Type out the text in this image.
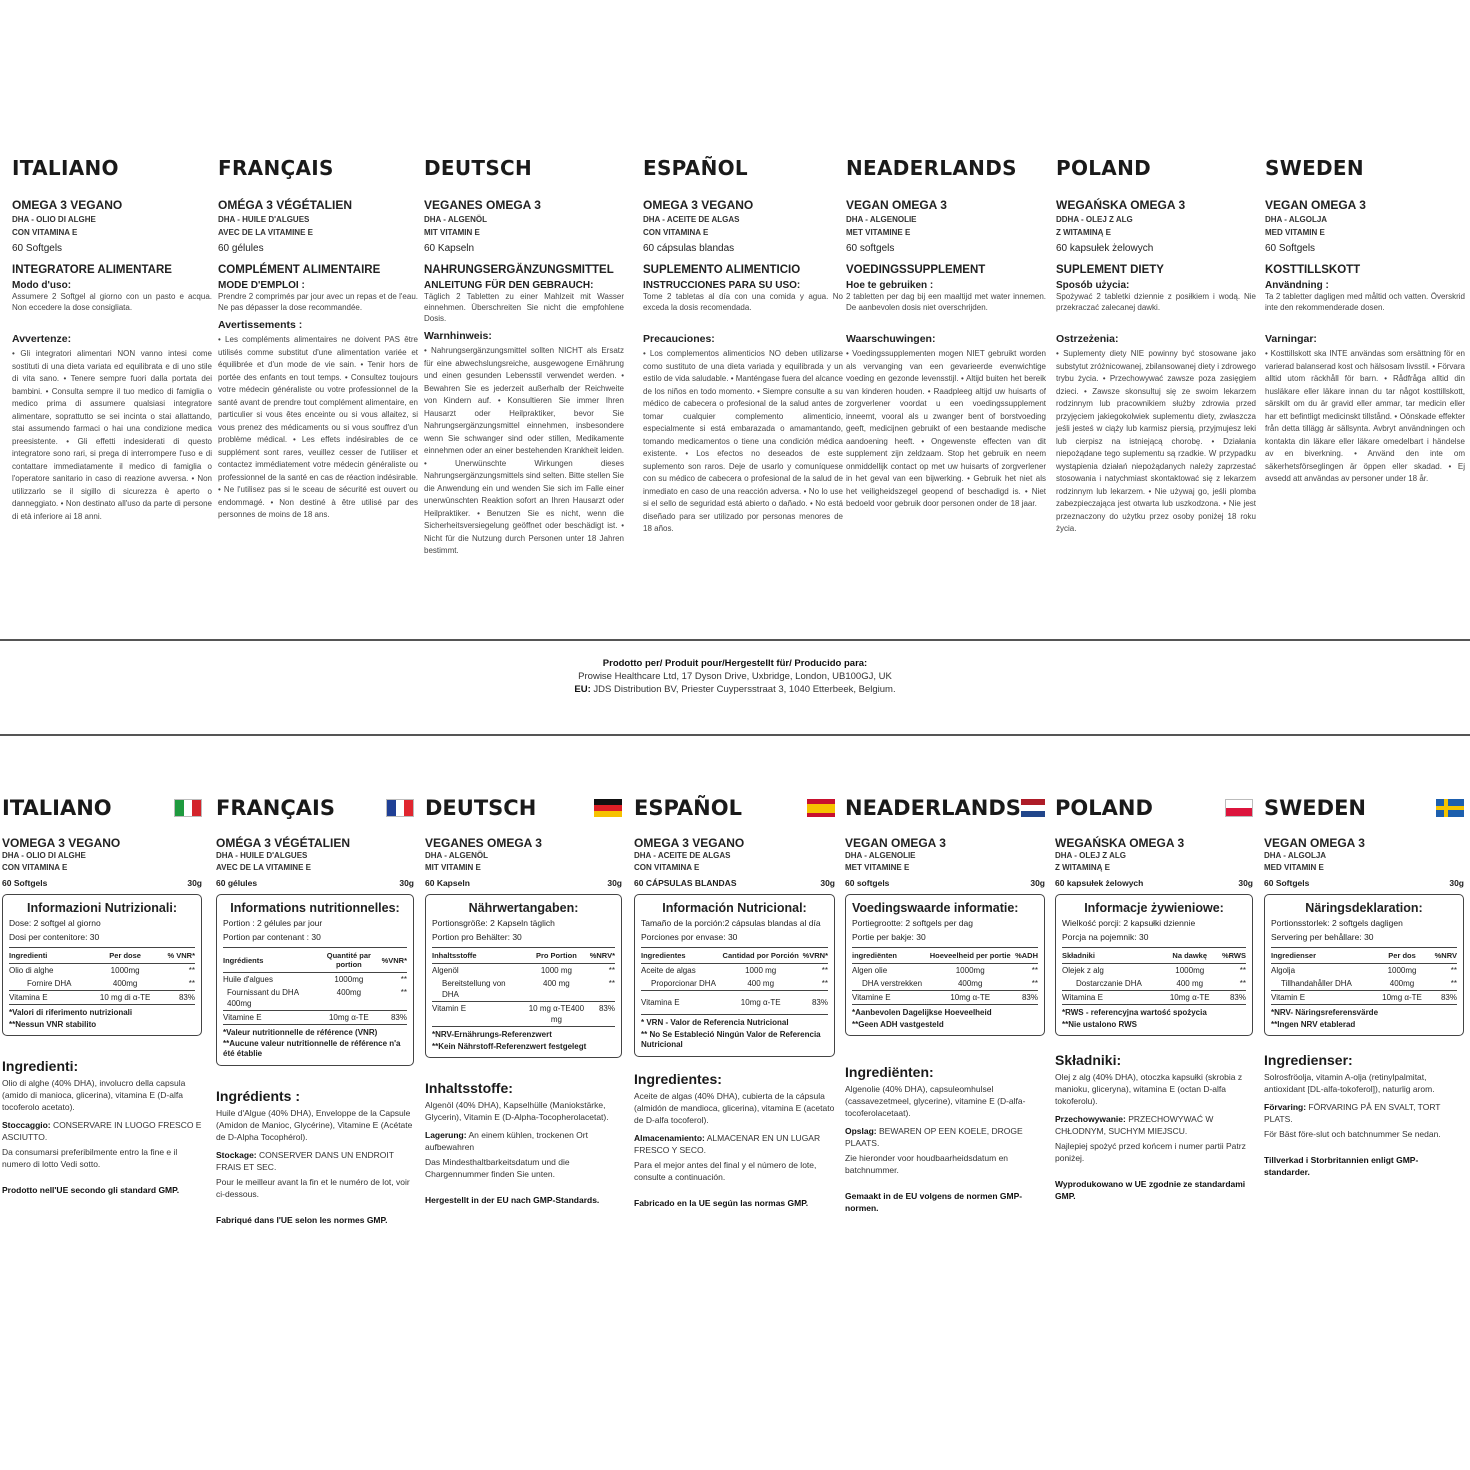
ITALIANO
OMEGA 3 VEGANO
DHA - OLIO DI ALGHE
CON VITAMINA E
60 Softgels
INTEGRATORE ALIMENTARE
Modo d'uso:
Assumere 2 Softgel al giorno con un pasto e acqua. Non eccedere la dose consigliata.
Avvertenze:
• Gli integratori alimentari NON vanno intesi come sostituti di una dieta variata ed equilibrata e di uno stile di vita sano. • Tenere sempre fuori dalla portata dei bambini. • Consulta sempre il tuo medico di famiglia o medico prima di assumere qualsiasi integratore alimentare, soprattutto se sei incinta o stai allattando, stai assumendo farmaci o hai una condizione medica preesistente. • Gli effetti indesiderati di questo integratore sono rari, si prega di interrompere l'uso e di contattare immediatamente il medico di famiglia o l'operatore sanitario in caso di reazione avversa. • Non utilizzarlo se il sigillo di sicurezza è aperto o danneggiato. • Non destinato all'uso da parte di persone di età inferiore ai 18 anni.
FRANÇAIS
OMÉGA 3 VÉGÉTALIEN
DHA - HUILE D'ALGUES
AVEC DE LA VITAMINE E
60 gélules
COMPLÉMENT ALIMENTAIRE
MODE D'EMPLOI :
Prendre 2 comprimés par jour avec un repas et de l'eau. Ne pas dépasser la dose recommandée.
Avertissements :
• Les compléments alimentaires ne doivent PAS être utilisés comme substitut d'une alimentation variée et équilibrée et d'un mode de vie sain. • Tenir hors de portée des enfants en tout temps. • Consultez toujours votre médecin généraliste ou votre professionnel de la santé avant de prendre tout complément alimentaire, en particulier si vous êtes enceinte ou si vous allaitez, si vous prenez des médicaments ou si vous souffrez d'un problème médical. • Les effets indésirables de ce supplément sont rares, veuillez cesser de l'utiliser et contactez immédiatement votre médecin généraliste ou professionnel de la santé en cas de réaction indésirable. • Ne l'utilisez pas si le sceau de sécurité est ouvert ou endommagé. • Non destiné à être utilisé par des personnes de moins de 18 ans.
DEUTSCH
VEGANES OMEGA 3
DHA - ALGENÖL
MIT VITAMIN E
60 Kapseln
NAHRUNGSERGÄNZUNGSMITTEL
ANLEITUNG FÜR DEN GEBRAUCH:
Täglich 2 Tabletten zu einer Mahlzeit mit Wasser einnehmen. Überschreiten Sie nicht die empfohlene Dosis.
Warnhinweis:
• Nahrungsergänzungsmittel sollten NICHT als Ersatz für eine abwechslungsreiche, ausgewogene Ernährung und einen gesunden Lebensstil verwendet werden. • Bewahren Sie es jederzeit außerhalb der Reichweite von Kindern auf. • Konsultieren Sie immer Ihren Hausarzt oder Heilpraktiker, bevor Sie Nahrungsergänzungsmittel einnehmen, insbesondere wenn Sie schwanger sind oder stillen, Medikamente einnehmen oder an einer bestehenden Krankheit leiden. • Unerwünschte Wirkungen dieses Nahrungsergänzungsmittels sind selten. Bitte stellen Sie die Anwendung ein und wenden Sie sich im Falle einer unerwünschten Reaktion sofort an Ihren Hausarzt oder Heilpraktiker. • Benutzen Sie es nicht, wenn die Sicherheitsversiegelung geöffnet oder beschädigt ist. • Nicht für die Nutzung durch Personen unter 18 Jahren bestimmt.
ESPAÑOL
OMEGA 3 VEGANO
DHA - ACEITE DE ALGAS
CON VITAMINA E
60 cápsulas blandas
SUPLEMENTO ALIMENTICIO
INSTRUCCIONES PARA SU USO:
Tome 2 tabletas al día con una comida y agua. No exceda la dosis recomendada.
Precauciones:
• Los complementos alimenticios NO deben utilizarse como sustituto de una dieta variada y equilibrada y un estilo de vida saludable. • Manténgase fuera del alcance de los niños en todo momento. • Siempre consulte a su médico de cabecera o profesional de la salud antes de tomar cualquier complemento alimenticio, especialmente si está embarazada o amamantando, tomando medicamentos o tiene una condición médica existente. • Los efectos no deseados de este suplemento son raros. Deje de usarlo y comuníquese con su médico de cabecera o profesional de la salud de inmediato en caso de una reacción adversa. • No lo use si el sello de seguridad está abierto o dañado. • No está diseñado para ser utilizado por personas menores de 18 años.
NEADERLANDS
VEGAN OMEGA 3
DHA - ALGENOLIE
MET VITAMINE E
60 softgels
VOEDINGSSUPPLEMENT
Hoe te gebruiken :
2 tabletten per dag bij een maaltijd met water innemen. De aanbevolen dosis niet overschrijden.
Waarschuwingen:
• Voedingssupplementen mogen NIET gebruikt worden als vervanging van een gevarieerde evenwichtige voeding en gezonde levensstijl. • Altijd buiten het bereik van kinderen houden. • Raadpleeg altijd uw huisarts of zorgverlener voordat u een voedingssupplement inneemt, vooral als u zwanger bent of borstvoeding geeft, medicijnen gebruikt of een bestaande medische aandoening heeft. • Ongewenste effecten van dit supplement zijn zeldzaam. Stop het gebruik en neem onmiddellijk contact op met uw huisarts of zorgverlener in het geval van een bijwerking. • Gebruik het niet als het veiligheidszegel geopend of beschadigd is. • Niet bedoeld voor gebruik door personen onder de 18 jaar.
POLAND
WEGAŃSKA OMEGA 3
DDHA - OLEJ Z ALG
Z WITAMINĄ E
60 kapsułek żelowych
SUPLEMENT DIETY
Sposób użycia:
Spożywać 2 tabletki dziennie z posiłkiem i wodą. Nie przekraczać zalecanej dawki.
Ostrzeżenia:
• Suplementy diety NIE powinny być stosowane jako substytut zróżnicowanej, zbilansowanej diety i zdrowego trybu życia. • Przechowywać zawsze poza zasięgiem dzieci. • Zawsze skonsultuj się ze swoim lekarzem rodzinnym lub pracownikiem służby zdrowia przed przyjęciem jakiegokolwiek suplementu diety, zwłaszcza jeśli jesteś w ciąży lub karmisz piersią, przyjmujesz leki lub cierpisz na istniejącą chorobę. • Działania niepożądane tego suplementu są rzadkie. W przypadku wystąpienia działań niepożądanych należy zaprzestać stosowania i natychmiast skontaktować się z lekarzem rodzinnym lub lekarzem. • Nie używaj go, jeśli plomba zabezpieczająca jest otwarta lub uszkodzona. • Nie jest przeznaczony do użytku przez osoby poniżej 18 roku życia.
SWEDEN
VEGAN OMEGA 3
DHA - ALGOLJA
MED VITAMIN E
60 Softgels
KOSTTILLSKOTT
Användning :
Ta 2 tabletter dagligen med måltid och vatten. Överskrid inte den rekommenderade dosen.
Varningar:
• Kosttillskott ska INTE användas som ersättning för en varierad balanserad kost och hälsosam livsstil. • Förvara alltid utom räckhåll för barn. • Rådfråga alltid din husläkare eller läkare innan du tar något kosttillskott, särskilt om du är gravid eller ammar, tar medicin eller har ett befintligt medicinskt tillstånd. • Oönskade effekter från detta tillägg är sällsynta. Avbryt användningen och kontakta din läkare eller läkare omedelbart i händelse av en biverkning. • Använd den inte om säkerhetsförseglingen är öppen eller skadad. • Ej avsedd att användas av personer under 18 år.
Prodotto per/ Produit pour/Hergestellt für/ Producido para:
Prowise Healthcare Ltd, 17 Dyson Drive, Uxbridge, London, UB100GJ, UK
EU: JDS Distribution BV, Priester Cuypersstraat 3, 1040 Etterbeek, Belgium.
ITALIANO
VOMEGA 3 VEGANO
DHA - OLIO DI ALGHE
CON VITAMINA E
60 Softgels	30g
Informazioni Nutrizionali:
Dose: 2 softgel al giorno
Dosi per contenitore: 30
Ingredienti	Per dose	% VNR*
Olio di alghe	1000mg	**
Fornire DHA	400mg	**
Vitamina E	10 mg di α-TE	83%
*Valori di riferimento nutrizionali
**Nessun VNR stabilito
Ingredienti:
Olio di alghe (40% DHA), involucro della capsula (amido di manioca, glicerina), vitamina E (D-alfa tocoferolo acetato).
Stoccaggio: CONSERVARE IN LUOGO FRESCO E ASCIUTTO.
Da consumarsi preferibilmente entro la fine e il numero di lotto Vedi sotto.
Prodotto nell'UE secondo gli standard GMP.
FRANÇAIS
OMÉGA 3 VÉGÉTALIEN
DHA - HUILE D'ALGUES
AVEC DE LA VITAMINE E
60 gélules	30g
Informations nutritionnelles:
Portion : 2 gélules par jour
Portion par contenant : 30
Ingrédients	Quantité par portion	%VNR*
Huile d'algues	1000mg	**
Fournissant du DHA 400mg	400mg	**
Vitamine E	10mg α-TE	83%
*Valeur nutritionnelle de référence (VNR)
**Aucune valeur nutritionnelle de référence n'a été établie
Ingrédients :
Huile d'Algue (40% DHA), Enveloppe de la Capsule (Amidon de Manioc, Glycérine), Vitamine E (Acétate de D-Alpha Tocophérol).
Stockage: CONSERVER DANS UN ENDROIT FRAIS ET SEC.
Pour le meilleur avant la fin et le numéro de lot, voir ci-dessous.
Fabriqué dans l'UE selon les normes GMP.
DEUTSCH
VEGANES OMEGA 3
DHA - ALGENÖL
MIT VITAMIN E
60 Kapseln	30g
Nährwertangaben:
Portionsgröße: 2 Kapseln täglich
Portion pro Behälter: 30
Inhaltsstoffe	Pro Portion	%NRV*
Algenöl	1000 mg	**
Bereitstellung von DHA	400 mg	**
Vitamin E	10 mg α-TE400 mg	83%
*NRV-Ernährungs-Referenzwert
**Kein Nährstoff-Referenzwert festgelegt
Inhaltsstoffe:
Algenöl (40% DHA), Kapselhülle (Maniokstärke, Glycerin), Vitamin E (D-Alpha-Tocopherolacetat).
Lagerung: An einem kühlen, trockenen Ort aufbewahren
Das Mindesthaltbarkeitsdatum und die Chargennummer finden Sie unten.
Hergestellt in der EU nach GMP-Standards.
ESPAÑOL
OMEGA 3 VEGANO
DHA - ACEITE DE ALGAS
CON VITAMINA E
60 CÁPSULAS BLANDAS	30g
Información Nutricional:
Tamaño de la porción:2 cápsulas blandas al día
Porciones por envase: 30
Ingredientes	Cantidad por Porción	%VRN*
Aceite de algas	1000 mg	**
Proporcionar DHA	400 mg	**
Vitamina E	10mg α-TE	83%
* VRN - Valor de Referencia Nutricional
** No Se Estableció Ningún Valor de Referencia Nutricional
Ingredientes:
Aceite de algas (40% DHA), cubierta de la cápsula (almidón de mandioca, glicerina), vitamina E (acetato de D-alfa tocoferol).
Almacenamiento: ALMACENAR EN UN LUGAR FRESCO Y SECO.
Para el mejor antes del final y el número de lote, consulte a continuación.
Fabricado en la UE según las normas GMP.
NEADERLANDS
VEGAN OMEGA 3
DHA - ALGENOLIE
MET VITAMINE E
60 softgels	30g
Voedingswaarde informatie:
Portiegrootte: 2 softgels per dag
Portie per bakje: 30
ingrediënten	Hoeveelheid per portie	%ADH
Algen olie	1000mg	**
DHA verstrekken	400mg	**
Vitamine E	10mg α-TE	83%
*Aanbevolen Dagelijkse Hoeveelheid
**Geen ADH vastgesteld
Ingrediënten:
Algenolie (40% DHA), capsuleomhulsel (cassavezetmeel, glycerine), vitamine E (D-alfa-tocoferolacetaat).
Opslag: BEWAREN OP EEN KOELE, DROGE PLAATS.
Zie hieronder voor houdbaarheidsdatum en batchnummer.
Gemaakt in de EU volgens de normen GMP-normen.
POLAND
WEGAŃSKA OMEGA 3
DHA - OLEJ Z ALG
Z WITAMINĄ E
60 kapsułek żelowych	30g
Informacje żywieniowe:
Wielkość porcji: 2 kapsułki dziennie
Porcja na pojemnik: 30
Składniki	Na dawkę	%RWS
Olejek z alg	1000mg	**
Dostarczanie DHA	400 mg	**
Witamina E	10mg α-TE	83%
*RWS - referencyjna wartość spożycia
**Nie ustalono RWS
Składniki:
Olej z alg (40% DHA), otoczka kapsułki (skrobia z manioku, gliceryna), witamina E (octan D-alfa tokoferolu).
Przechowywanie: PRZECHOWYWAĆ W CHŁODNYM, SUCHYM MIEJSCU.
Najlepiej spożyć przed końcem i numer partii Patrz poniżej.
Wyprodukowano w UE zgodnie ze standardami GMP.
SWEDEN
VEGAN OMEGA 3
DHA - ALGOLJA
MED VITAMIN E
60 Softgels	30g
Näringsdeklaration:
Portionsstorlek: 2 softgels dagligen
Servering per behållare: 30
Ingredienser	Per dos	%NRV
Algolja	1000mg	**
Tillhandahåller DHA	400mg	**
Vitamin E	10mg α-TE	83%
*NRV- Näringsreferensvärde
**Ingen NRV etablerad
Ingredienser:
Solrosfröolja, vitamin A-olja (retinylpalmitat, antioxidant [DL-alfa-tokoferol]), naturlig arom.
Förvaring: FÖRVARING PÅ EN SVALT, TORT PLATS.
För Bäst före-slut och batchnummer Se nedan.
Tillverkad i Storbritannien enligt GMP-standarder.
